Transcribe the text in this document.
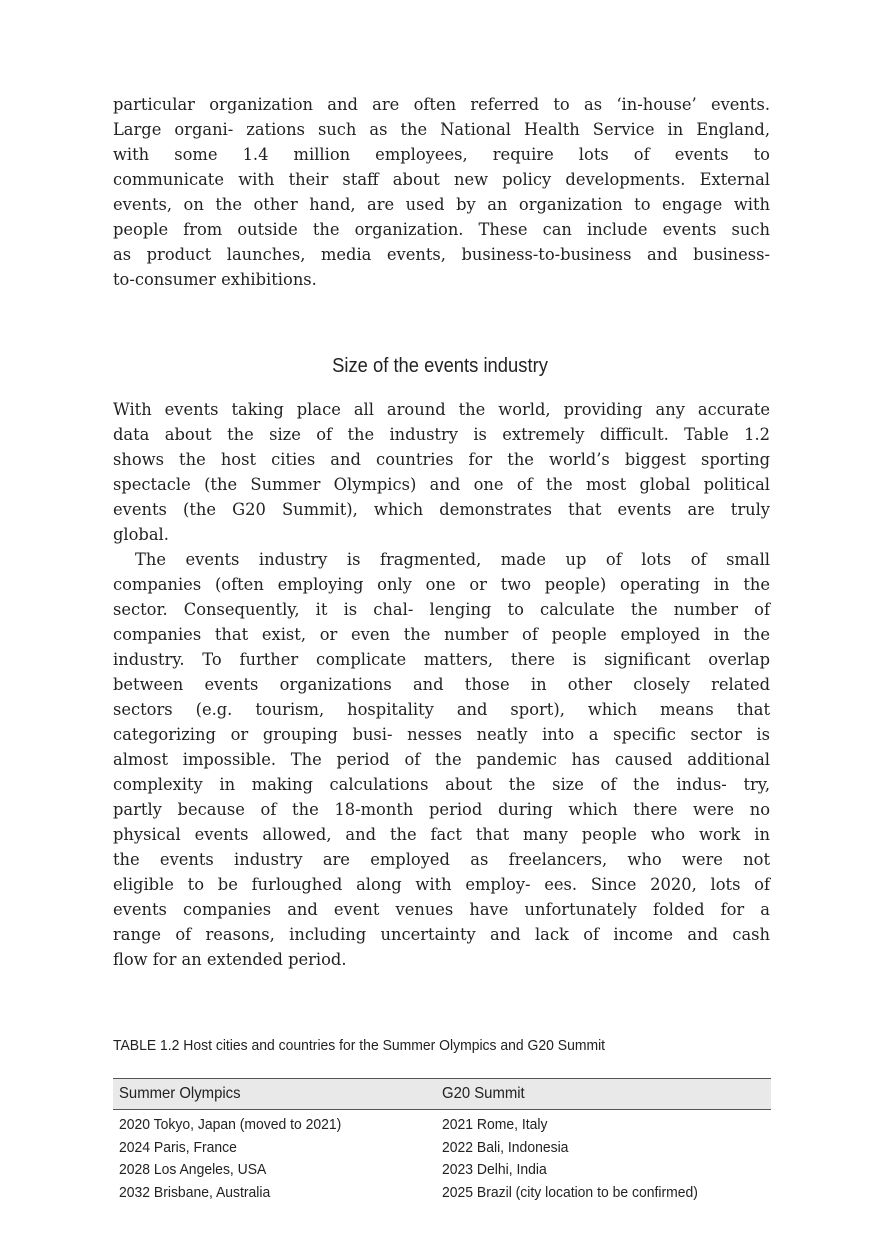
particular organization and are often referred to as ‘in-house’ events.
Large organi- zations such as the National Health Service in England,
with some 1.4 million employees, require lots of events to
communicate with their staff about new policy developments. External
events, on the other hand, are used by an organization to engage with
people from outside the organization. These can include events such
as product launches, media events, business-to-business and business-
to-consumer exhibitions.
Size of the events industry
With events taking place all around the world, providing any accurate
data about the size of the industry is extremely difficult. Table 1.2
shows the host cities and countries for the world’s biggest sporting
spectacle (the Summer Olympics) and one of the most global political
events (the G20 Summit), which demonstrates that events are truly
global.
The events industry is fragmented, made up of lots of small
companies (often employing only one or two people) operating in the
sector. Consequently, it is chal- lenging to calculate the number of
companies that exist, or even the number of people employed in the
industry. To further complicate matters, there is significant overlap
between events organizations and those in other closely related
sectors (e.g. tourism, hospitality and sport), which means that
categorizing or grouping busi- nesses neatly into a specific sector is
almost impossible. The period of the pandemic has caused additional
complexity in making calculations about the size of the indus- try,
partly because of the 18-month period during which there were no
physical events allowed, and the fact that many people who work in
the events industry are employed as freelancers, who were not
eligible to be furloughed along with employ- ees. Since 2020, lots of
events companies and event venues have unfortunately folded for a
range of reasons, including uncertainty and lack of income and cash
flow for an extended period.
TABLE 1.2 Host cities and countries for the Summer Olympics and G20 Summit
Summer Olympics	G20 Summit
2020 Tokyo, Japan (moved to 2021)	2021 Rome, Italy
2024 Paris, France	2022 Bali, Indonesia
2028 Los Angeles, USA	2023 Delhi, India
2032 Brisbane, Australia	2025 Brazil (city location to be confirmed)
